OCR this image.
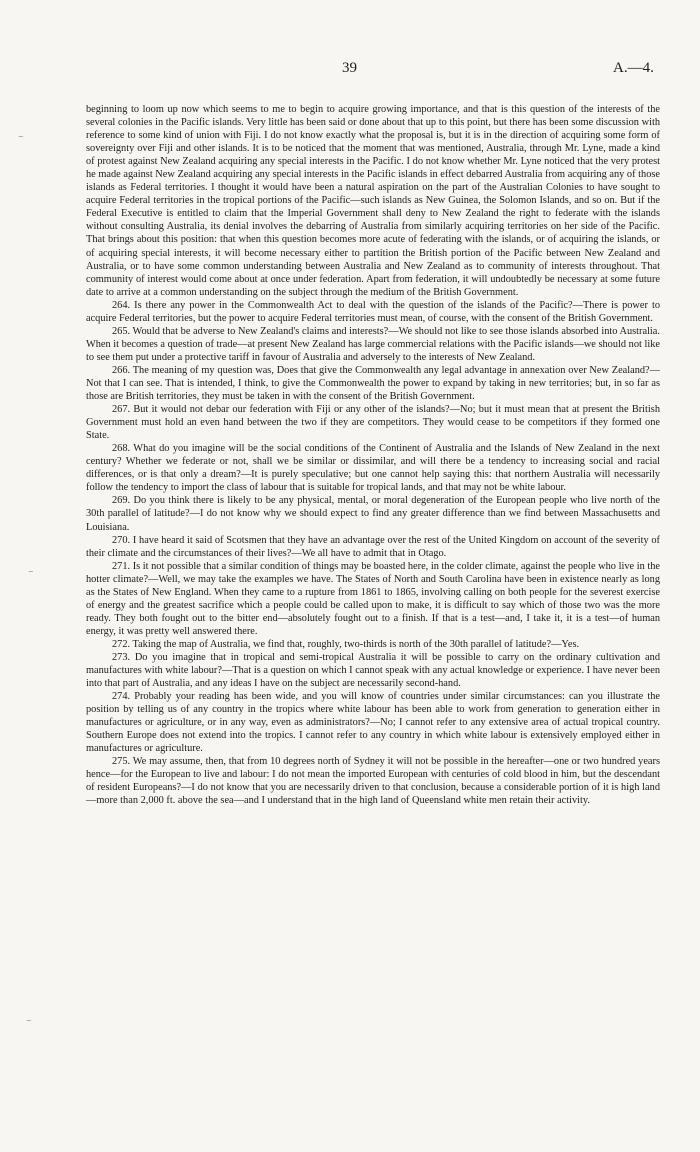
39	A.—4.
⁻
⁻
⁻

beginning to loom up now which seems to me to begin to acquire growing importance, and that is this question of the interests of the several colonies in the Pacific islands. Very little has been said or done about that up to this point, but there has been some discussion with reference to some kind of union with Fiji. I do not know exactly what the proposal is, but it is in the direction of acquiring some form of sovereignty over Fiji and other islands. It is to be noticed that the moment that was mentioned, Australia, through Mr. Lyne, made a kind of protest against New Zealand acquiring any special interests in the Pacific. I do not know whether Mr. Lyne noticed that the very protest he made against New Zealand acquiring any special interests in the Pacific islands in effect debarred Australia from acquiring any of those islands as Federal territories. I thought it would have been a natural aspiration on the part of the Australian Colonies to have sought to acquire Federal territories in the tropical portions of the Pacific—such islands as New Guinea, the Solomon Islands, and so on. But if the Federal Executive is entitled to claim that the Imperial Government shall deny to New Zealand the right to federate with the islands without consulting Australia, its denial involves the debarring of Australia from similarly acquiring territories on her side of the Pacific. That brings about this position: that when this question becomes more acute of federating with the islands, or of acquiring the islands, or of acquiring special interests, it will become necessary either to partition the British portion of the Pacific between New Zealand and Australia, or to have some common understanding between Australia and New Zealand as to community of interests throughout. That community of interest would come about at once under federation. Apart from federation, it will undoubtedly be necessary at some future date to arrive at a common understanding on the subject through the medium of the British Government.

264. Is there any power in the Commonwealth Act to deal with the question of the islands of the Pacific?—There is power to acquire Federal territories, but the power to acquire Federal territories must mean, of course, with the consent of the British Government.

265. Would that be adverse to New Zealand's claims and interests?—We should not like to see those islands absorbed into Australia. When it becomes a question of trade—at present New Zealand has large commercial relations with the Pacific islands—we should not like to see them put under a protective tariff in favour of Australia and adversely to the interests of New Zealand.

266. The meaning of my question was, Does that give the Commonwealth any legal advantage in annexation over New Zealand?—Not that I can see. That is intended, I think, to give the Commonwealth the power to expand by taking in new territories; but, in so far as those are British territories, they must be taken in with the consent of the British Government.

267. But it would not debar our federation with Fiji or any other of the islands?—No; but it must mean that at present the British Government must hold an even hand between the two if they are competitors. They would cease to be competitors if they formed one State.

268. What do you imagine will be the social conditions of the Continent of Australia and the Islands of New Zealand in the next century? Whether we federate or not, shall we be similar or dissimilar, and will there be a tendency to increasing social and racial differences, or is that only a dream?—It is purely speculative; but one cannot help saying this: that northern Australia will necessarily follow the tendency to import the class of labour that is suitable for tropical lands, and that may not be white labour.

269. Do you think there is likely to be any physical, mental, or moral degeneration of the European people who live north of the 30th parallel of latitude?—I do not know why we should expect to find any greater difference than we find between Massachusetts and Louisiana.

270. I have heard it said of Scotsmen that they have an advantage over the rest of the United Kingdom on account of the severity of their climate and the circumstances of their lives?—We all have to admit that in Otago.

271. Is it not possible that a similar condition of things may be boasted here, in the colder climate, against the people who live in the hotter climate?—Well, we may take the examples we have. The States of North and South Carolina have been in existence nearly as long as the States of New England. When they came to a rupture from 1861 to 1865, involving calling on both people for the severest exercise of energy and the greatest sacrifice which a people could be called upon to make, it is difficult to say which of those two was the more ready. They both fought out to the bitter end—absolutely fought out to a finish. If that is a test—and, I take it, it is a test—of human energy, it was pretty well answered there.

272. Taking the map of Australia, we find that, roughly, two-thirds is north of the 30th parallel of latitude?—Yes.

273. Do you imagine that in tropical and semi-tropical Australia it will be possible to carry on the ordinary cultivation and manufactures with white labour?—That is a question on which I cannot speak with any actual knowledge or experience. I have never been into that part of Australia, and any ideas I have on the subject are necessarily second-hand.

274. Probably your reading has been wide, and you will know of countries under similar circumstances: can you illustrate the position by telling us of any country in the tropics where white labour has been able to work from generation to generation either in manufactures or agriculture, or in any way, even as administrators?—No; I cannot refer to any extensive area of actual tropical country. Southern Europe does not extend into the tropics. I cannot refer to any country in which white labour is extensively employed either in manufactures or agriculture.

275. We may assume, then, that from 10 degrees north of Sydney it will not be possible in the hereafter—one or two hundred years hence—for the European to live and labour: I do not mean the imported European with centuries of cold blood in him, but the descendant of resident Europeans?—I do not know that you are necessarily driven to that conclusion, because a considerable portion of it is high land—more than 2,000 ft. above the sea—and I understand that in the high land of Queensland white men retain their activity.
